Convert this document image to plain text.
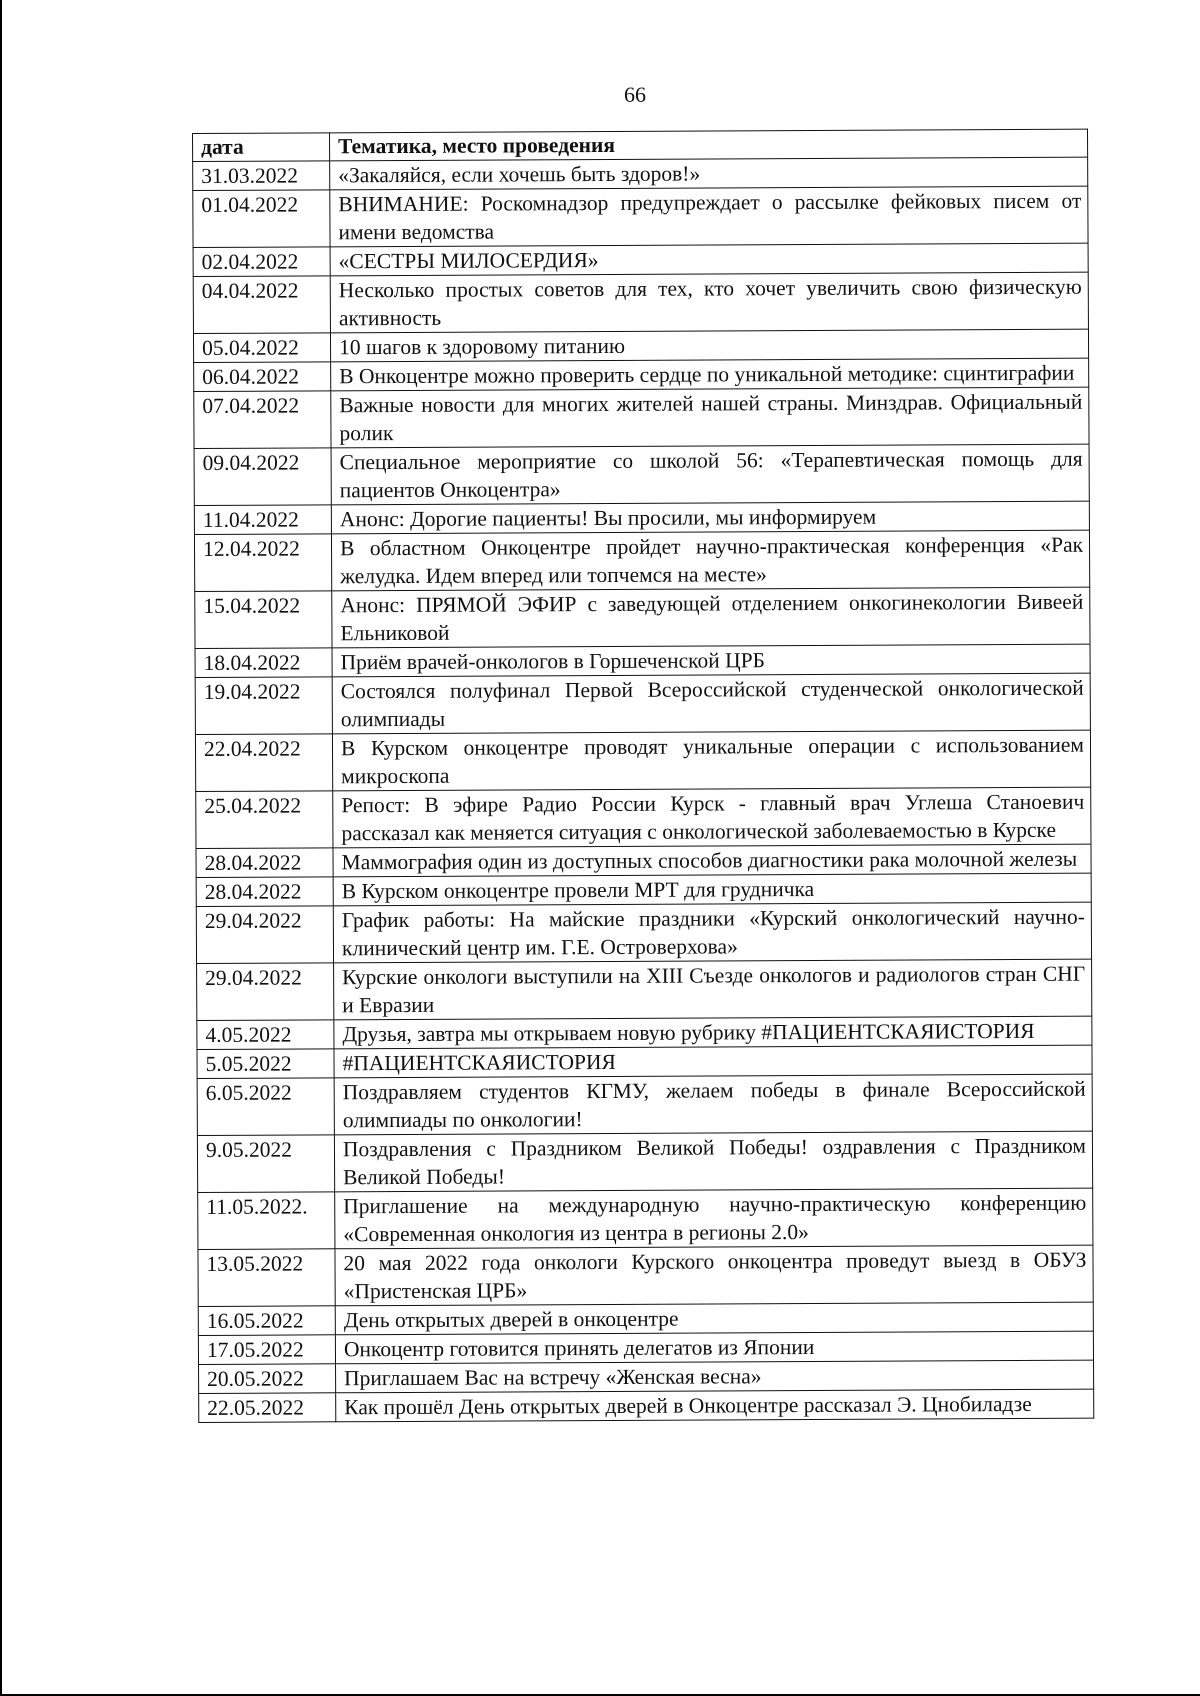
66
дата	Тематика, место проведения
31.03.2022	«Закаляйся, если хочешь быть здоров!»
01.04.2022	ВНИМАНИЕ: Роскомнадзор предупреждает о рассылке фейковых писем от имени ведомства
02.04.2022	«СЕСТРЫ МИЛОСЕРДИЯ»
04.04.2022	Несколько простых советов для тех, кто хочет увеличить свою физическую активность
05.04.2022	10 шагов к здоровому питанию
06.04.2022	В Онкоцентре можно проверить сердце по уникальной методике: сцинтиграфии
07.04.2022	Важные новости для многих жителей нашей страны. Минздрав. Официальный ролик
09.04.2022	Специальное мероприятие со школой 56: «Терапевтическая помощь для пациентов Онкоцентра»
11.04.2022	Анонс: Дорогие пациенты! Вы просили, мы информируем
12.04.2022	В областном Онкоцентре пройдет научно-практическая конференция «Рак желудка. Идем вперед или топчемся на месте»
15.04.2022	Анонс: ПРЯМОЙ ЭФИР с заведующей отделением онкогинекологии Вивеей Ельниковой
18.04.2022	Приём врачей-онкологов в Горшеченской ЦРБ
19.04.2022	Состоялся полуфинал Первой Всероссийской студенческой онкологической олимпиады
22.04.2022	В Курском онкоцентре проводят уникальные операции с использованием микроскопа
25.04.2022	Репост: В эфире Радио России Курск - главный врач Углеша Станоевич рассказал как меняется ситуация с онкологической заболеваемостью в Курске
28.04.2022	Маммография один из доступных способов диагностики рака молочной железы
28.04.2022	В Курском онкоцентре провели МРТ для грудничка
29.04.2022	График работы: На майские праздники «Курский онкологический научно-клинический центр им. Г.Е. Островерхова»
29.04.2022	Курские онкологи выступили на XIII Съезде онкологов и радиологов стран СНГ и Евразии
4.05.2022	Друзья, завтра мы открываем новую рубрику #ПАЦИЕНТСКАЯИСТОРИЯ
5.05.2022	#ПАЦИЕНТСКАЯИСТОРИЯ
6.05.2022	Поздравляем студентов КГМУ, желаем победы в финале Всероссийской олимпиады по онкологии!
9.05.2022	Поздравления с Праздником Великой Победы! оздравления с Праздником Великой Победы!
11.05.2022.	Приглашение на международную научно-практическую конференцию «Современная онкология из центра в регионы 2.0»
13.05.2022	20 мая 2022 года онкологи Курского онкоцентра проведут выезд в ОБУЗ «Пристенская ЦРБ»
16.05.2022	День открытых дверей в онкоцентре
17.05.2022	Онкоцентр готовится принять делегатов из Японии
20.05.2022	Приглашаем Вас на встречу «Женская весна»
22.05.2022	Как прошёл День открытых дверей в Онкоцентре рассказал Э. Цнобиладзе
